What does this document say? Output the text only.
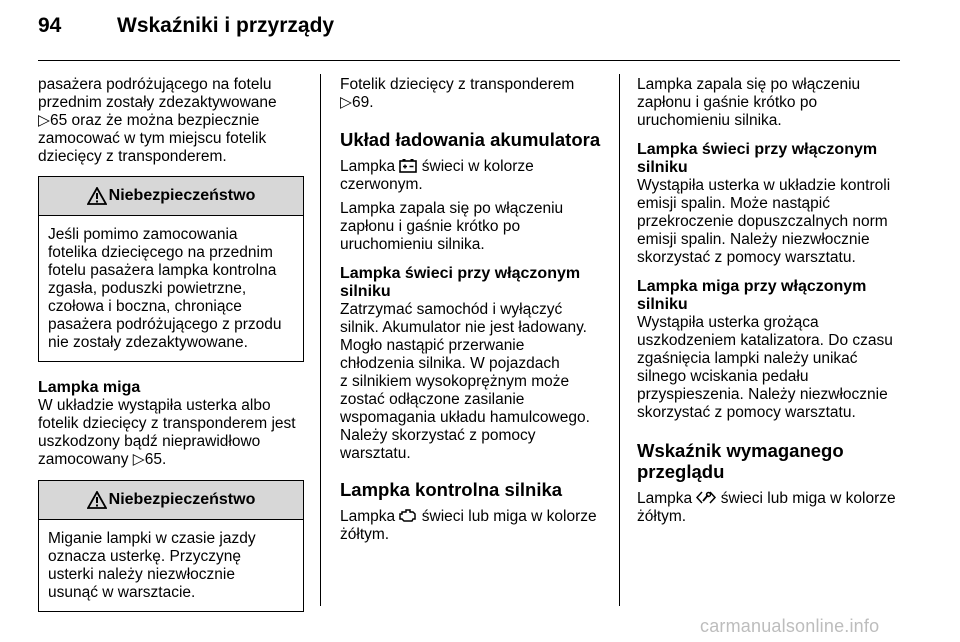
94	Wskaźniki i przyrządy

pasażera podróżującego na fotelu
przednim zostały zdezaktywowane
▷65 oraz że można bezpiecznie
zamocować w tym miejscu fotelik
dziecięcy z transponderem.

Niebezpieczeństwo
Jeśli pomimo zamocowania
fotelika dziecięcego na przednim
fotelu pasażera lampka kontrolna
zgasła, poduszki powietrzne,
czołowa i boczna, chroniące
pasażera podróżującego z przodu
nie zostały zdezaktywowane.
Lampka miga

W układzie wystąpiła usterka albo
fotelik dziecięcy z transponderem jest
uszkodzony bądź nieprawidłowo
zamocowany ▷65.

Niebezpieczeństwo
Miganie lampki w czasie jazdy
oznacza usterkę. Przyczynę
usterki należy niezwłocznie
usunąć w warsztacie.

Fotelik dziecięcy z transponderem
▷69.

Układ ładowania akumulatora

Lampka  świeci w kolorze
czerwonym.

Lampka zapala się po włączeniu
zapłonu i gaśnie krótko po
uruchomieniu silnika.

Lampka świeci przy włączonym
silniku

Zatrzymać samochód i wyłączyć
silnik. Akumulator nie jest ładowany.
Mogło nastąpić przerwanie
chłodzenia silnika. W pojazdach
z silnikiem wysokoprężnym może
zostać odłączone zasilanie
wspomagania układu hamulcowego.
Należy skorzystać z pomocy
warsztatu.

Lampka kontrolna silnika

Lampka  świeci lub miga w kolorze
żółtym.

Lampka zapala się po włączeniu
zapłonu i gaśnie krótko po
uruchomieniu silnika.

Lampka świeci przy włączonym
silniku

Wystąpiła usterka w układzie kontroli
emisji spalin. Może nastąpić
przekroczenie dopuszczalnych norm
emisji spalin. Należy niezwłocznie
skorzystać z pomocy warsztatu.

Lampka miga przy włączonym
silniku

Wystąpiła usterka grożąca
uszkodzeniem katalizatora. Do czasu
zgaśnięcia lampki należy unikać
silnego wciskania pedału
przyspieszenia. Należy niezwłocznie
skorzystać z pomocy warsztatu.

Wskaźnik wymaganego
przeglądu

Lampka  świeci lub miga w kolorze
żółtym.

carmanualsonline.info
